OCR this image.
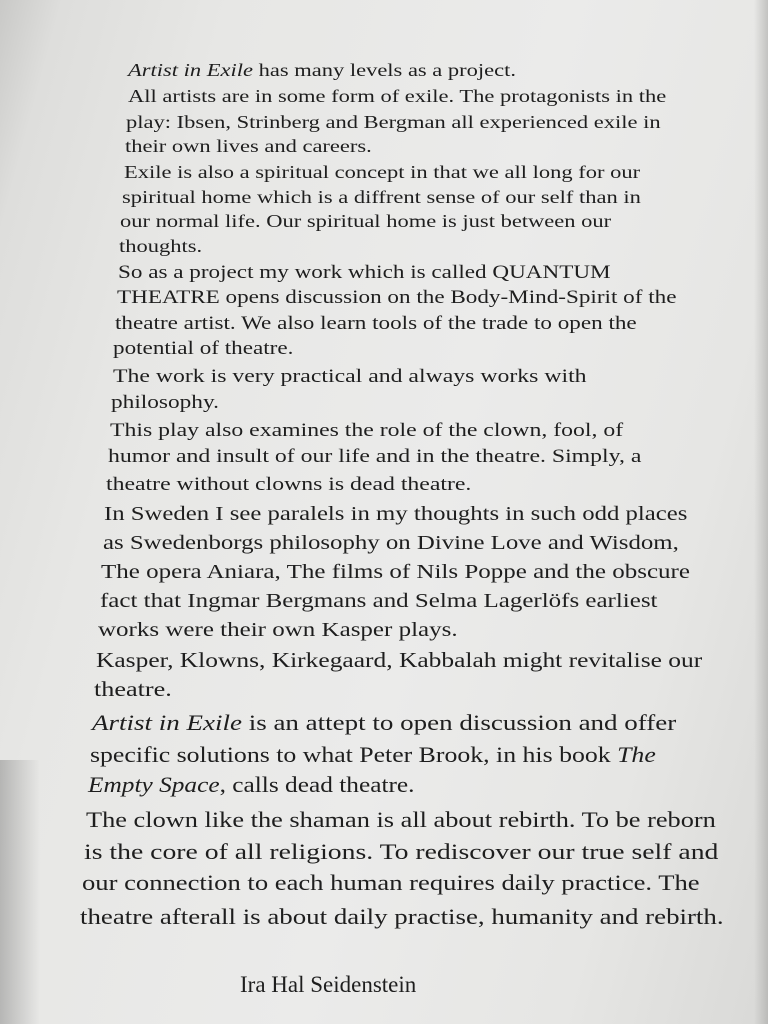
Artist in Exile has many levels as a project.
All artists are in some form of exile. The protagonists in the
play: Ibsen, Strinberg and Bergman all experienced exile in
their own lives and careers.
Exile is also a spiritual concept in that we all long for our
spiritual home which is a diffrent sense of our self than in
our normal life. Our spiritual home is just between our
thoughts.
So as a project my work which is called QUANTUM
THEATRE opens discussion on the Body-Mind-Spirit of the
theatre artist. We also learn tools of the trade to open the
potential of theatre.
The work is very practical and always works with
philosophy.
This play also examines the role of the clown, fool, of
humor and insult of our life and in the theatre. Simply, a
theatre without clowns is dead theatre.
In Sweden I see paralels in my thoughts in such odd places
as Swedenborgs philosophy on Divine Love and Wisdom,
The opera Aniara, The films of Nils Poppe and the obscure
fact that Ingmar Bergmans and Selma Lagerlöfs earliest
works were their own Kasper plays.
Kasper, Klowns, Kirkegaard, Kabbalah might revitalise our
theatre.
Artist in Exile is an attept to open discussion and offer
specific solutions to what Peter Brook, in his book The
Empty Space, calls dead theatre.
The clown like the shaman is all about rebirth. To be reborn
is the core of all religions. To rediscover our true self and
our connection to each human requires daily practice. The
theatre afterall is about daily practise, humanity and rebirth.
Ira Hal Seidenstein
